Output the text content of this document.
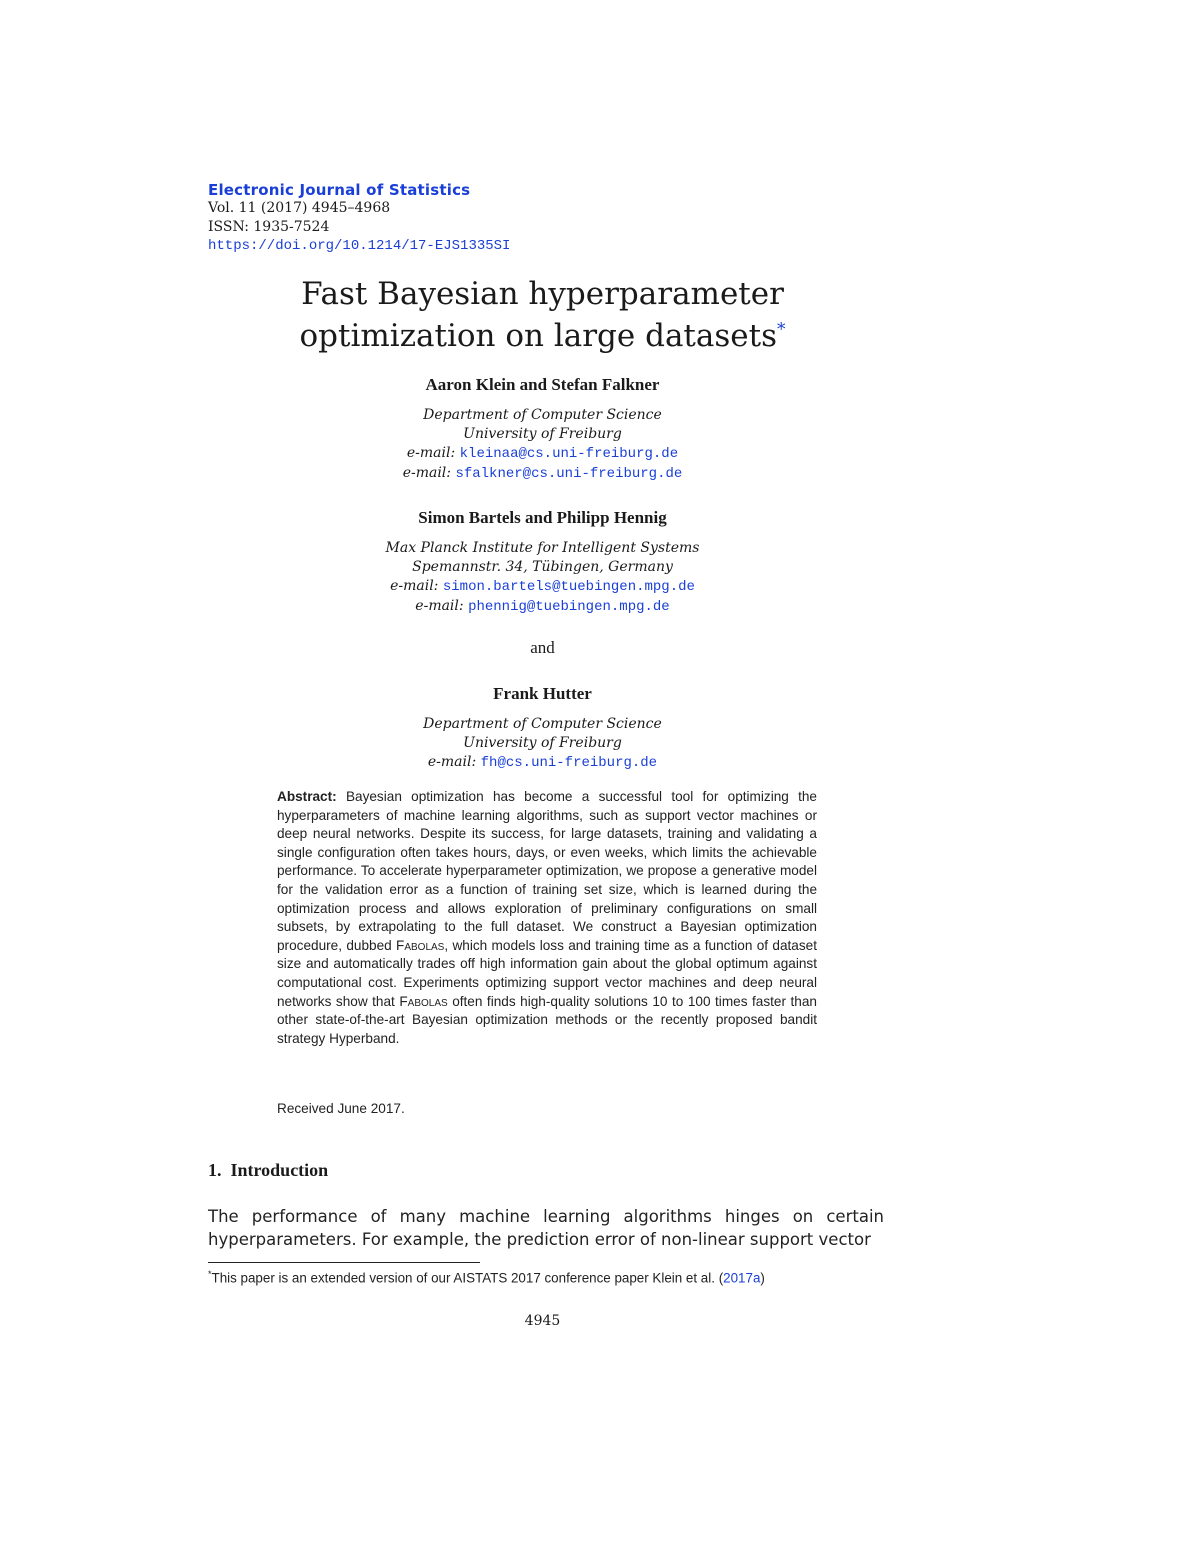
Electronic Journal of Statistics
Vol. 11 (2017) 4945–4968
ISSN: 1935-7524
https://doi.org/10.1214/17-EJS1335SI
Fast Bayesian hyperparameter
optimization on large datasets*
Aaron Klein and Stefan Falkner
Department of Computer Science
University of Freiburg
e-mail: kleinaa@cs.uni-freiburg.de
e-mail: sfalkner@cs.uni-freiburg.de
Simon Bartels and Philipp Hennig
Max Planck Institute for Intelligent Systems
Spemannstr. 34, Tübingen, Germany
e-mail: simon.bartels@tuebingen.mpg.de
e-mail: phennig@tuebingen.mpg.de
and
Frank Hutter
Department of Computer Science
University of Freiburg
e-mail: fh@cs.uni-freiburg.de
Abstract: Bayesian optimization has become a successful tool for optimizing the hyperparameters of machine learning algorithms, such as support vector machines or deep neural networks. Despite its success, for large datasets, training and validating a single configuration often takes hours, days, or even weeks, which limits the achievable performance. To accelerate hyperparameter optimization, we propose a generative model for the validation error as a function of training set size, which is learned during the optimization process and allows exploration of preliminary configurations on small subsets, by extrapolating to the full dataset. We construct a Bayesian optimization procedure, dubbed Fabolas, which models loss and training time as a function of dataset size and automatically trades off high information gain about the global optimum against computational cost. Experiments optimizing support vector machines and deep neural networks show that Fabolas often finds high-quality solutions 10 to 100 times faster than other state-of-the-art Bayesian optimization methods or the recently proposed bandit strategy Hyperband.
Received June 2017.
1. Introduction
The performance of many machine learning algorithms hinges on certain hyperparameters. For example, the prediction error of non-linear support vector
*This paper is an extended version of our AISTATS 2017 conference paper Klein et al. (2017a)
4945
